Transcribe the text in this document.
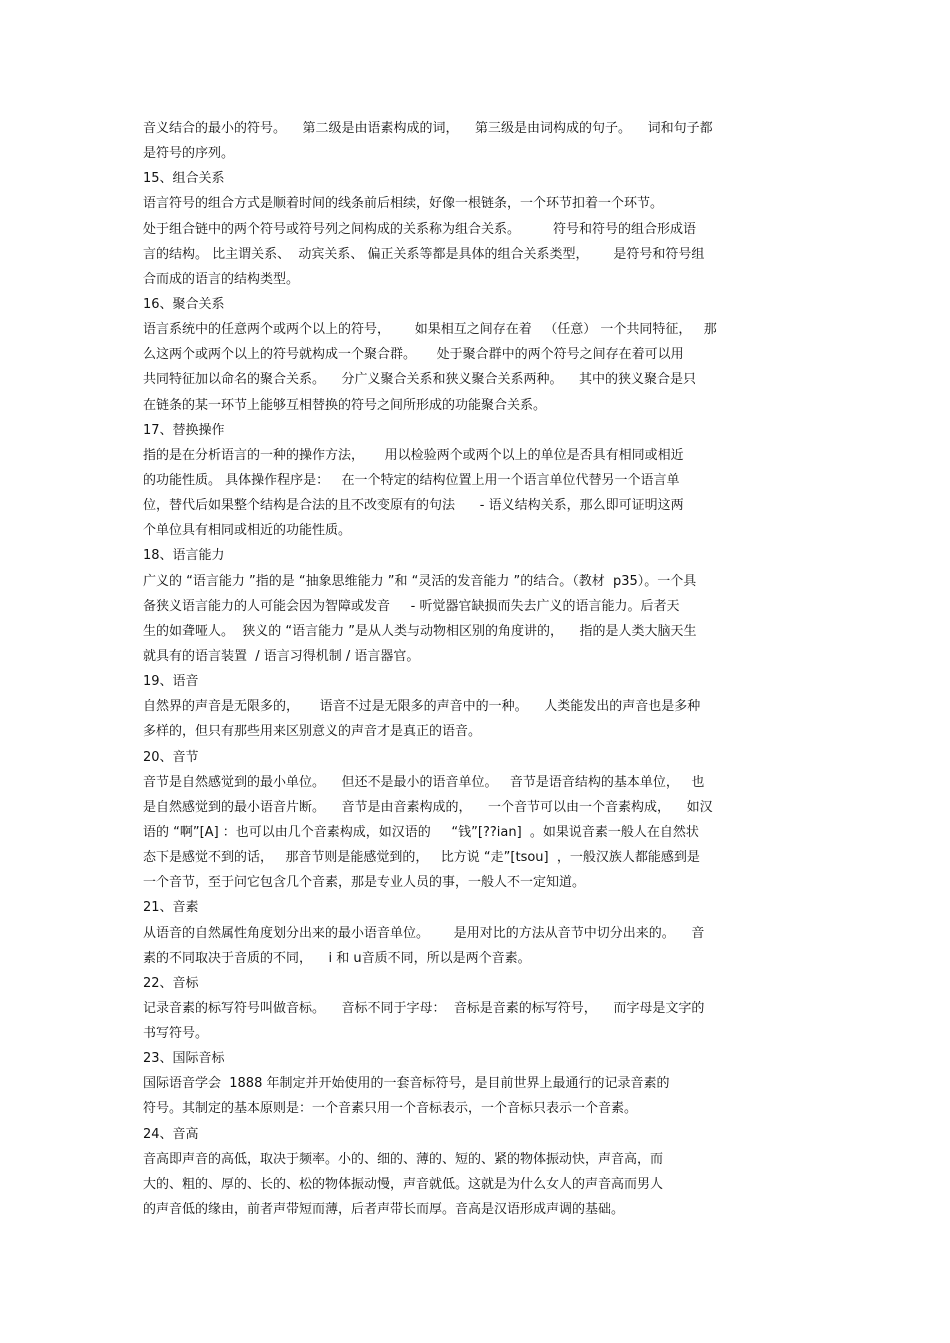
音义结合的最小的符号。    第二级是由语素构成的词，    第三级是由词构成的句子。    词和句子都
是符号的序列。
15、组合关系
语言符号的组合方式是顺着时间的线条前后相续，好像一根链条，一个环节扣着一个环节。
处于组合链中的两个符号或符号列之间构成的关系称为组合关系。        符号和符号的组合形成语
言的结构。 比主谓关系、  动宾关系、 偏正关系等都是具体的组合关系类型，      是符号和符号组
合而成的语言的结构类型。
16、聚合关系
语言系统中的任意两个或两个以上的符号，      如果相互之间存在着   （任意） 一个共同特征，   那
么这两个或两个以上的符号就构成一个聚合群。     处于聚合群中的两个符号之间存在着可以用
共同特征加以命名的聚合关系。    分广义聚合关系和狭义聚合关系两种。    其中的狭义聚合是只
在链条的某一环节上能够互相替换的符号之间所形成的功能聚合关系。
17、替换操作
指的是在分析语言的一种的操作方法，     用以检验两个或两个以上的单位是否具有相同或相近
的功能性质。 具体操作程序是：   在一个特定的结构位置上用一个语言单位代替另一个语言单
位，替代后如果整个结构是合法的且不改变原有的句法      - 语义结构关系，那么即可证明这两
个单位具有相同或相近的功能性质。
18、语言能力
广义的 “语言能力 ”指的是 “抽象思维能力 ”和 “灵活的发音能力 ”的结合。（教材  p35）。一个具
备狭义语言能力的人可能会因为智障或发音     - 听觉器官缺损而失去广义的语言能力。后者天
生的如聋哑人。  狭义的 “语言能力 ”是从人类与动物相区别的角度讲的，    指的是人类大脑天生
就具有的语言装置  / 语言习得机制 / 语言器官。
19、语音
自然界的声音是无限多的，     语音不过是无限多的声音中的一种。    人类能发出的声音也是多种
多样的，但只有那些用来区别意义的声音才是真正的语音。
20、音节
音节是自然感觉到的最小单位。    但还不是最小的语音单位。   音节是语音结构的基本单位，   也
是自然感觉到的最小语音片断。    音节是由音素构成的，    一个音节可以由一个音素构成，    如汉
语的 “啊”[A] ：也可以由几个音素构成，如汉语的     “钱”[??ian]  。如果说音素一般人在自然状
态下是感觉不到的话，   那音节则是能感觉到的，   比方说 “走”[tsou]  ，一般汉族人都能感到是
一个音节，至于问它包含几个音素，那是专业人员的事，一般人不一定知道。
21、音素
从语音的自然属性角度划分出来的最小语音单位。      是用对比的方法从音节中切分出来的。    音
素的不同取决于音质的不同，    i 和 u音质不同，所以是两个音素。
22、音标
记录音素的标写符号叫做音标。    音标不同于字母：  音标是音素的标写符号，    而字母是文字的
书写符号。
23、国际音标
国际语音学会  1888 年制定并开始使用的一套音标符号，是目前世界上最通行的记录音素的
符号。其制定的基本原则是：一个音素只用一个音标表示，一个音标只表示一个音素。
24、音高
音高即声音的高低，取决于频率。小的、细的、薄的、短的、紧的物体振动快，声音高，而
大的、粗的、厚的、长的、松的物体振动慢，声音就低。这就是为什么女人的声音高而男人
的声音低的缘由，前者声带短而薄，后者声带长而厚。音高是汉语形成声调的基础。
